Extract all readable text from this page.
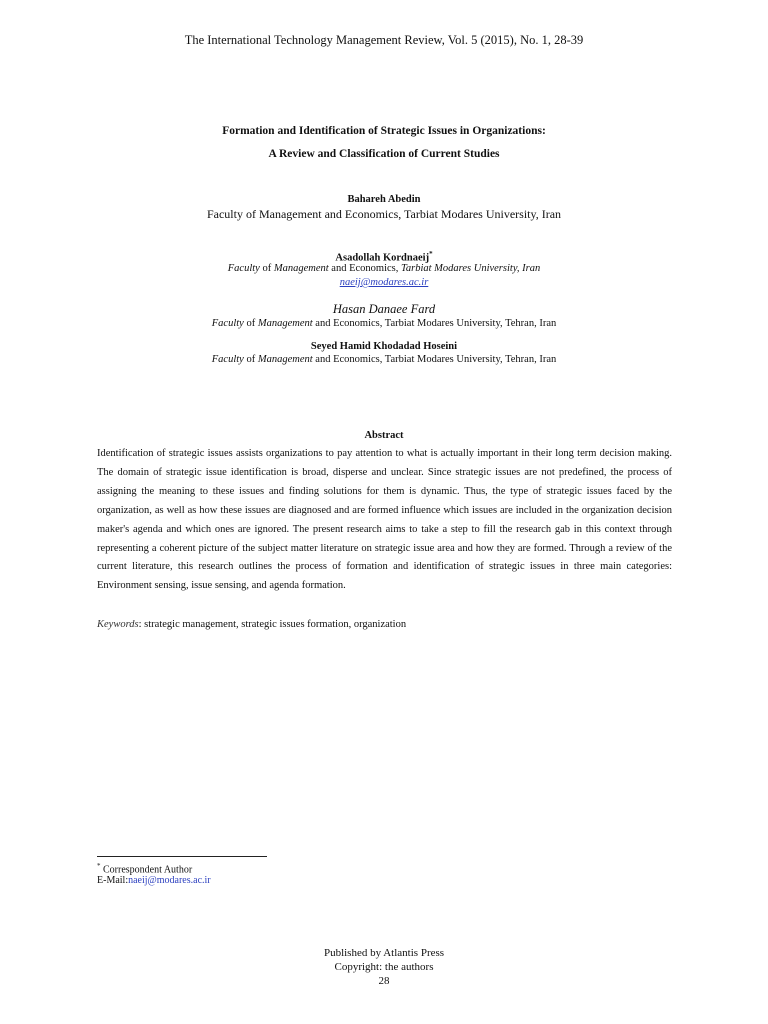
The International Technology Management Review, Vol. 5 (2015), No. 1, 28-39
Formation and Identification of Strategic Issues in Organizations:
A Review and Classification of Current Studies
Bahareh Abedin
Faculty of Management and Economics, Tarbiat Modares University, Iran
Asadollah Kordnaeij*
Faculty of Management and Economics, Tarbiat Modares University, Iran
naeij@modares.ac.ir
Hasan Danaee Fard
Faculty of Management and Economics, Tarbiat Modares University, Tehran, Iran
Seyed Hamid Khodadad Hoseini
Faculty of Management and Economics, Tarbiat Modares University, Tehran, Iran
Abstract
Identification of strategic issues assists organizations to pay attention to what is actually important in their long term decision making. The domain of strategic issue identification is broad, disperse and unclear. Since strategic issues are not predefined, the process of assigning the meaning to these issues and finding solutions for them is dynamic. Thus, the type of strategic issues faced by the organization, as well as how these issues are diagnosed and are formed influence which issues are included in the organization decision maker's agenda and which ones are ignored. The present research aims to take a step to fill the research gab in this context through representing a coherent picture of the subject matter literature on strategic issue area and how they are formed. Through a review of the current literature, this research outlines the process of formation and identification of strategic issues in three main categories: Environment sensing, issue sensing, and agenda formation.
Keywords: strategic management, strategic issues formation, organization
* Correspondent Author
E-Mail:naeij@modares.ac.ir
Published by Atlantis Press
Copyright: the authors
28
